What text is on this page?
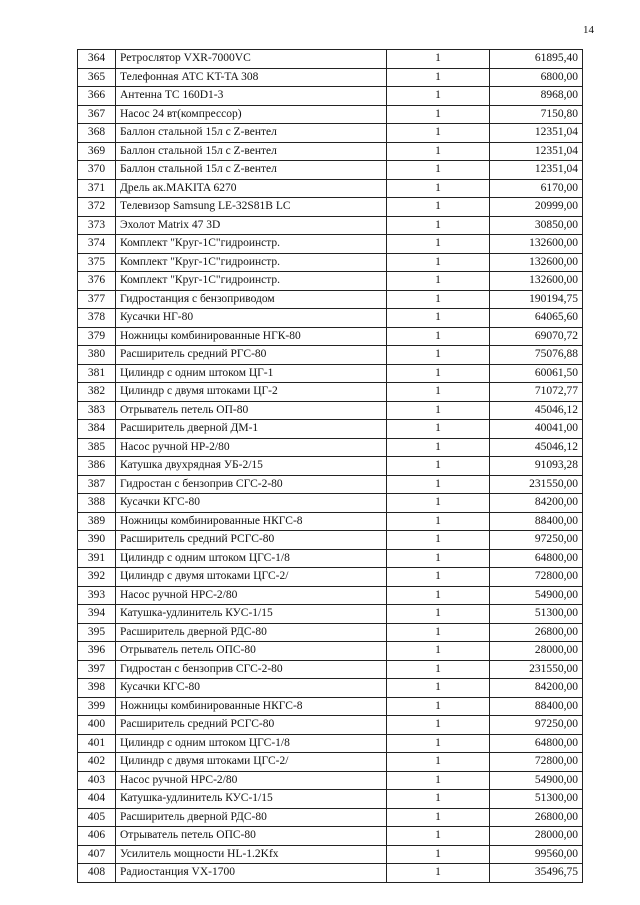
14
364	Ретрослятор VXR-7000VC	1	61895,40
365	Телефонная АТС KT-TA 308	1	6800,00
366	Антенна TC 160D1-3	1	8968,00
367	Насос 24 вт(компрессор)	1	7150,80
368	Баллон стальной 15л с Z-вентел	1	12351,04
369	Баллон стальной 15л с Z-вентел	1	12351,04
370	Баллон стальной 15л с Z-вентел	1	12351,04
371	Дрель ак.MAKITA 6270	1	6170,00
372	Телевизор Samsung LE-32S81B LC	1	20999,00
373	Эхолот Matrix 47 3D	1	30850,00
374	Комплект "Круг-1С"гидроинстр.	1	132600,00
375	Комплект "Круг-1С"гидроинстр.	1	132600,00
376	Комплект "Круг-1С"гидроинстр.	1	132600,00
377	Гидростанция с бензоприводом	1	190194,75
378	Кусачки НГ-80	1	64065,60
379	Ножницы комбинированные НГК-80	1	69070,72
380	Расширитель средний РГС-80	1	75076,88
381	Цилиндр с одним штоком ЦГ-1	1	60061,50
382	Цилиндр с двумя штоками ЦГ-2	1	71072,77
383	Отрыватель петель ОП-80	1	45046,12
384	Расширитель дверной ДМ-1	1	40041,00
385	Насос ручной НР-2/80	1	45046,12
386	Катушка двухрядная УБ-2/15	1	91093,28
387	Гидростан с бензоприв СГС-2-80	1	231550,00
388	Кусачки КГС-80	1	84200,00
389	Ножницы комбинированные НКГС-8	1	88400,00
390	Расширитель средний РСГС-80	1	97250,00
391	Цилиндр с одним штоком ЦГС-1/8	1	64800,00
392	Цилиндр с двумя штоками ЦГС-2/	1	72800,00
393	Насос ручной НРС-2/80	1	54900,00
394	Катушка-удлинитель КУС-1/15	1	51300,00
395	Расширитель дверной РДС-80	1	26800,00
396	Отрыватель петель ОПС-80	1	28000,00
397	Гидростан с бензоприв СГС-2-80	1	231550,00
398	Кусачки КГС-80	1	84200,00
399	Ножницы комбинированные НКГС-8	1	88400,00
400	Расширитель средний РСГС-80	1	97250,00
401	Цилиндр с одним штоком ЦГС-1/8	1	64800,00
402	Цилиндр с двумя штоками ЦГС-2/	1	72800,00
403	Насос ручной НРС-2/80	1	54900,00
404	Катушка-удлинитель КУС-1/15	1	51300,00
405	Расширитель дверной РДС-80	1	26800,00
406	Отрыватель петель ОПС-80	1	28000,00
407	Усилитель мощности HL-1.2Kfx	1	99560,00
408	Радиостанция VX-1700	1	35496,75
